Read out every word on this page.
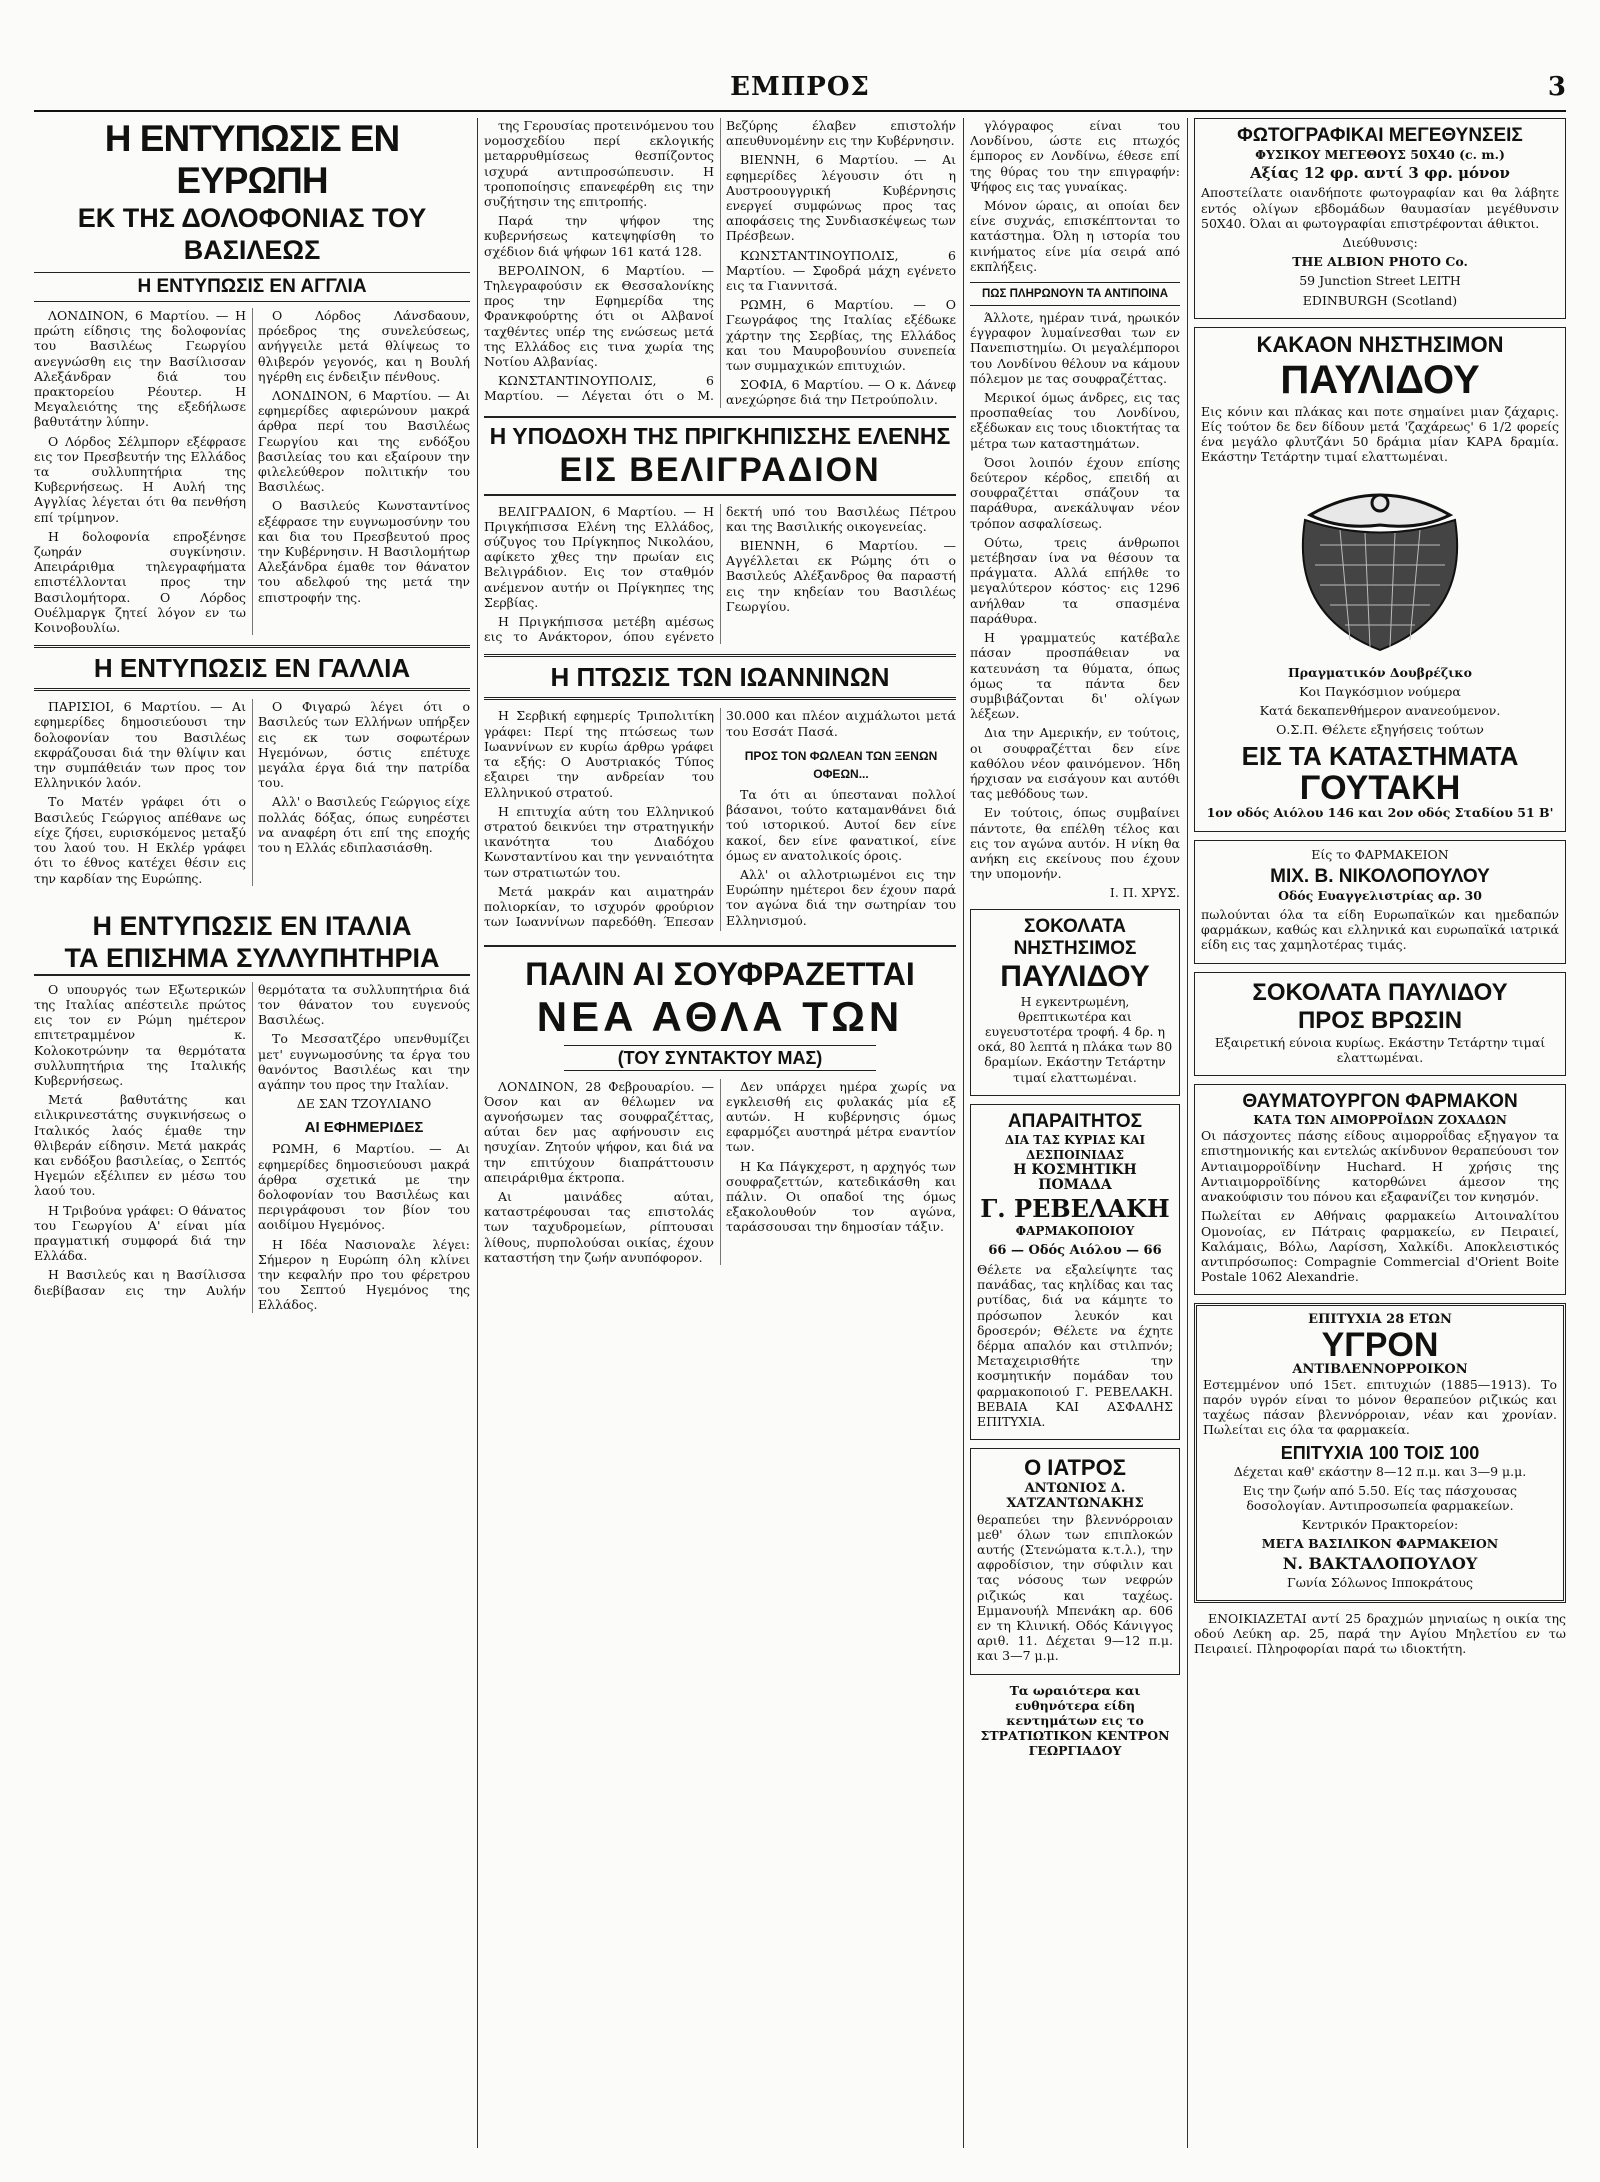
ΕΜΠΡΟΣ	3
Η ΕΝΤΥΠΩΣΙΣ ΕΝ ΕΥΡΩΠΗ
ΕΚ ΤΗΣ ΔΟΛΟΦΟΝΙΑΣ ΤΟΥ ΒΑΣΙΛΕΩΣ
Η ΕΝΤΥΠΩΣΙΣ ΕΝ ΑΓΓΛΙΑ

ΛΟΝΔΙΝΟΝ, 6 Μαρτίου. — Η πρώτη είδησις της δολοφονίας του Βασιλέως Γεωργίου ανεγνώσθη εις την Βασίλισσαν Αλεξάνδραν διά του πρακτορείου Ρέουτερ. Η Μεγαλειότης της εξεδήλωσε βαθυτάτην λύπην.

Ο Λόρδος Σέλμπορν εξέφρασε εις τον Πρεσβευτήν της Ελλάδος τα συλλυπητήρια της Κυβερνήσεως. Η Αυλή της Αγγλίας λέγεται ότι θα πενθήση επί τρίμηνον.

Η δολοφονία επροξένησε ζωηράν συγκίνησιν. Απειράριθμα τηλεγραφήματα επιστέλλονται προς την Βασιλομήτορα. Ο Λόρδος Ουέλμαργκ ζητεί λόγον εν τω Κοινοβουλίω.

Ο Λόρδος Λάνσδαουν, πρόεδρος της συνελεύσεως, ανήγγειλε μετά θλίψεως το θλιβερόν γεγονός, και η Βουλή ηγέρθη εις ένδειξιν πένθους.

ΛΟΝΔΙΝΟΝ, 6 Μαρτίου. — Αι εφημερίδες αφιερώνουν μακρά άρθρα περί του Βασιλέως Γεωργίου και της ενδόξου βασιλείας του και εξαίρουν την φιλελεύθερον πολιτικήν του Βασιλέως.

Ο Βασιλεύς Κωνσταντίνος εξέφρασε την ευγνωμοσύνην του και δια του Πρεσβευτού προς την Κυβέρνησιν. Η Βασιλομήτωρ Αλεξάνδρα έμαθε τον θάνατον του αδελφού της μετά την επιστροφήν της.

Η ΕΝΤΥΠΩΣΙΣ ΕΝ ΓΑΛΛΙΑ

ΠΑΡΙΣΙΟΙ, 6 Μαρτίου. — Αι εφημερίδες δημοσιεύουσι την δολοφονίαν του Βασιλέως εκφράζουσαι διά την θλίψιν και την συμπάθειάν των προς τον Ελληνικόν λαόν.

Το Ματέν γράφει ότι ο Βασιλεύς Γεώργιος απέθανε ως είχε ζήσει, ευρισκόμενος μεταξύ του λαού του. Η Εκλέρ γράφει ότι το έθνος κατέχει θέσιν εις την καρδίαν της Ευρώπης.

Ο Φιγαρώ λέγει ότι ο Βασιλεύς των Ελλήνων υπήρξεν εις εκ των σοφωτέρων Ηγεμόνων, όστις επέτυχε μεγάλα έργα διά την πατρίδα του.

Αλλ' ο Βασιλεύς Γεώργιος είχε πολλάς δόξας, όπως ευηρέστει να αναφέρη ότι επί της εποχής του η Ελλάς εδιπλασιάσθη.

Η ΕΝΤΥΠΩΣΙΣ ΕΝ ΙΤΑΛΙΑ
ΤΑ ΕΠΙΣΗΜΑ ΣΥΛΛΥΠΗΤΗΡΙΑ

Ο υπουργός των Εξωτερικών της Ιταλίας απέστειλε πρώτος εις τον εν Ρώμη ημέτερον επιτετραμμένον κ. Κολοκοτρώνην τα θερμότατα συλλυπητήρια της Ιταλικής Κυβερνήσεως.

Μετά βαθυτάτης και ειλικρινεστάτης συγκινήσεως ο Ιταλικός λαός έμαθε την θλιβεράν είδησιν. Μετά μακράς και ενδόξου βασιλείας, ο Σεπτός Ηγεμών εξέλιπεν εν μέσω του λαού του.

Η Τριβούνα γράφει: Ο θάνατος του Γεωργίου Α' είναι μία πραγματική συμφορά διά την Ελλάδα.

Η Βασιλεύς και η Βασίλισσα διεβίβασαν εις την Αυλήν θερμότατα τα συλλυπητήρια διά τον θάνατον του ευγενούς Βασιλέως.

Το Μεσσατζέρο υπενθυμίζει μετ' ευγνωμοσύνης τα έργα του θανόντος Βασιλέως και την αγάπην του προς την Ιταλίαν.

ΔΕ ΣΑΝ ΤΖΟΥΛΙΑΝΟ

ΑΙ ΕΦΗΜΕΡΙΔΕΣ

ΡΩΜΗ, 6 Μαρτίου. — Αι εφημερίδες δημοσιεύουσι μακρά άρθρα σχετικά με την δολοφονίαν του Βασιλέως και περιγράφουσι τον βίον του αοιδίμου Ηγεμόνος.

Η Ιδέα Νασιοναλε λέγει: Σήμερον η Ευρώπη όλη κλίνει την κεφαλήν προ του φέρετρου του Σεπτού Ηγεμόνος της Ελλάδος.

της Γερουσίας προτεινόμενου του νομοσχεδίου περί εκλογικής μεταρρυθμίσεως θεσπίζοντος ισχυρά αντιπροσώπευσιν. Η τροποποίησις επανεφέρθη εις την συζήτησιν της επιτροπής.

Παρά την ψήφον της κυβερνήσεως κατεψηφίσθη το σχέδιον διά ψήφων 161 κατά 128.

ΒΕΡΟΛΙΝΟΝ, 6 Μαρτίου. — Τηλεγραφούσιν εκ Θεσσαλονίκης προς την Εφημερίδα της Φρανκφούρτης ότι οι Αλβανοί ταχθέντες υπέρ της ενώσεως μετά της Ελλάδος εις τινα χωρία της Νοτίου Αλβανίας.

ΚΩΝΣΤΑΝΤΙΝΟΥΠΟΛΙΣ, 6 Μαρτίου. — Λέγεται ότι ο Μ. Βεζύρης έλαβεν επιστολήν απευθυνομένην εις την Κυβέρνησιν.

ΒΙΕΝΝΗ, 6 Μαρτίου. — Αι εφημερίδες λέγουσιν ότι η Αυστροουγγρική Κυβέρνησις ενεργεί συμφώνως προς τας αποφάσεις της Συνδιασκέψεως των Πρέσβεων.

ΚΩΝΣΤΑΝΤΙΝΟΥΠΟΛΙΣ, 6 Μαρτίου. — Σφοδρά μάχη εγένετο εις τα Γιαννιτσά.

ΡΩΜΗ, 6 Μαρτίου. — Ο Γεωγράφος της Ιταλίας εξέδωκε χάρτην της Σερβίας, της Ελλάδος και του Μαυροβουνίου συνεπεία των συμμαχικών επιτυχιών.

ΣΟΦΙΑ, 6 Μαρτίου. — Ο κ. Δάνεφ ανεχώρησε διά την Πετρούπολιν.

Η ΥΠΟΔΟΧΗ ΤΗΣ ΠΡΙΓΚΗΠΙΣΣΗΣ ΕΛΕΝΗΣ
ΕΙΣ ΒΕΛΙΓΡΑΔΙΟΝ

ΒΕΛΙΓΡΑΔΙΟΝ, 6 Μαρτίου. — Η Πριγκήπισσα Ελένη της Ελλάδος, σύζυγος του Πρίγκηπος Νικολάου, αφίκετο χθες την πρωίαν εις Βελιγράδιον. Εις τον σταθμόν ανέμενον αυτήν οι Πρίγκηπες της Σερβίας.

Η Πριγκήπισσα μετέβη αμέσως εις το Ανάκτορον, όπου εγένετο δεκτή υπό του Βασιλέως Πέτρου και της Βασιλικής οικογενείας.

ΒΙΕΝΝΗ, 6 Μαρτίου. — Αγγέλλεται εκ Ρώμης ότι ο Βασιλεύς Αλέξανδρος θα παραστή εις την κηδείαν του Βασιλέως Γεωργίου.

Η ΠΤΩΣΙΣ ΤΩΝ ΙΩΑΝΝΙΝΩΝ

Η Σερβική εφημερίς Τριπολιτίκη γράφει: Περί της πτώσεως των Ιωαννίνων εν κυρίω άρθρω γράφει τα εξής: Ο Αυστριακός Τύπος εξαιρει την ανδρείαν του Ελληνικού στρατού.

Η επιτυχία αύτη του Ελληνικού στρατού δεικνύει την στρατηγικήν ικανότητα του Διαδόχου Κωνσταντίνου και την γενναιότητα των στρατιωτών του.

Μετά μακράν και αιματηράν πολιορκίαν, το ισχυρόν φρούριον των Ιωαννίνων παρεδόθη. Έπεσαν 30.000 και πλέον αιχμάλωτοι μετά του Εσσάτ Πασά.

ΠΡΟΣ ΤΟΝ ΦΩΛΕΑΝ ΤΩΝ ΞΕΝΩΝ ΟΦΕΩΝ...

Τα ότι αι ύπεσταναι πολλοί βάσανοι, τούτο καταμανθάνει διά τού ιστορικού. Αυτοί δεν είνε κακοί, δεν είνε φανατικοί, είνε όμως εν ανατολικοίς όροις.

Αλλ' οι αλλοτριωμένοι εις την Ευρώπην ημέτεροι δεν έχουν παρά τον αγώνα διά την σωτηρίαν του Ελληνισμού.

ΠΑΛΙΝ ΑΙ ΣΟΥΦΡΑΖΕΤΤΑΙ
ΝΕΑ ΑΘΛΑ ΤΩΝ
(ΤΟΥ ΣΥΝΤΑΚΤΟΥ ΜΑΣ)

ΛΟΝΔΙΝΟΝ, 28 Φεβρουαρίου. — Όσον και αν θέλωμεν να αγνοήσωμεν τας σουφραζέττας, αύται δεν μας αφήνουσιν εις ησυχίαν. Ζητούν ψήφον, και διά να την επιτύχουν διαπράττουσιν απειράριθμα έκτροπα.

Αι μαινάδες αύται, καταστρέφουσαι τας επιστολάς των ταχυδρομείων, ρίπτουσαι λίθους, πυρπολούσαι οικίας, έχουν καταστήση την ζωήν ανυπόφορον.

Δεν υπάρχει ημέρα χωρίς να εγκλεισθή εις φυλακάς μία εξ αυτών. Η κυβέρνησις όμως εφαρμόζει αυστηρά μέτρα εναντίον των.

Η Κα Πάγκχερστ, η αρχηγός των σουφραζεττών, κατεδικάσθη και πάλιν. Οι οπαδοί της όμως εξακολουθούν τον αγώνα, ταράσσουσαι την δημοσίαν τάξιν.

γλόγραφος είναι του Λονδίνου, ώστε εις πτωχός έμπορος εν Λονδίνω, έθεσε επί της θύρας του την επιγραφήν: Ψήφος εις τας γυναίκας.

Μόνον ώραις, αι οποίαι δεν είνε συχνάς, επισκέπτονται το κατάστημα. Όλη η ιστορία του κινήματος είνε μία σειρά από εκπλήξεις.

ΠΩΣ ΠΛΗΡΩΝΟΥΝ ΤΑ ΑΝΤΙΠΟΙΝΑ

Άλλοτε, ημέραν τινά, ηρωικόν έγγραφον λυμαίνεσθαι των εν Πανεπιστημίω. Οι μεγαλέμποροι του Λονδίνου θέλουν να κάμουν πόλεμον με τας σουφραζέττας.

Μερικοί όμως άνδρες, εις τας προσπαθείας του Λονδίνου, εξέδωκαν εις τους ιδιοκτήτας τα μέτρα των καταστημάτων.

Όσοι λοιπόν έχουν επίσης δεύτερον κέρδος, επειδή αι σουφραζέτται σπάζουν τα παράθυρα, ανεκάλυψαν νέον τρόπον ασφαλίσεως.

Ούτω, τρεις άνθρωποι μετέβησαν ίνα να θέσουν τα πράγματα. Αλλά επήλθε το μεγαλύτερον κόστος· εις 1296 ανήλθαν τα σπασμένα παράθυρα.

Η γραμματεύς κατέβαλε πάσαν προσπάθειαν να κατευνάση τα θύματα, όπως όμως τα πάντα δεν συμβιβάζονται δι' ολίγων λέξεων.

Δια την Αμερικήν, εν τούτοις, οι σουφραζέτται δεν είνε καθόλου νέον φαινόμενον. Ήδη ήρχισαν να εισάγουν και αυτόθι τας μεθόδους των.

Εν τούτοις, όπως συμβαίνει πάντοτε, θα επέλθη τέλος και εις τον αγώνα αυτόν. Η νίκη θα ανήκη εις εκείνους που έχουν την υπομονήν.

Ι. Π. ΧΡΥΣ.

ΣΟΚΟΛΑΤΑ ΝΗΣΤΗΣΙΜΟΣ
ΠΑΥΛΙΔΟΥ

Η εγκεντρωμένη, θρεπτικωτέρα και ευγευστοτέρα τροφή. 4 δρ. η οκά, 80 λεπτά η πλάκα των 80 δραμίων. Εκάστην Τετάρτην τιμαί ελαττωμέναι.

ΑΠΑΡΑΙΤΗΤΟΣ
ΔΙΑ ΤΑΣ ΚΥΡΙΑΣ ΚΑΙ ΔΕΣΠΟΙΝΙΔΑΣ
Η ΚΟΣΜΗΤΙΚΗ ΠΟΜΑΔΑ
Γ. ΡΕΒΕΛΑΚΗ
ΦΑΡΜΑΚΟΠΟΙΟΥ
66 — Οδός Αιόλου — 66

Θέλετε να εξαλείψητε τας πανάδας, τας κηλίδας και τας ρυτίδας, διά να κάμητε το πρόσωπον λευκόν και δροσερόν; Θέλετε να έχητε δέρμα απαλόν και στιλπνόν; Μεταχειρισθήτε την κοσμητικήν πομάδαν του φαρμακοποιού Γ. ΡΕΒΕΛΑΚΗ. ΒΕΒΑΙΑ ΚΑΙ ΑΣΦΑΛΗΣ ΕΠΙΤΥΧΙΑ.

Ο ΙΑΤΡΟΣ
ΑΝΤΩΝΙΟΣ Δ. ΧΑΤΖΑΝΤΩΝΑΚΗΣ

θεραπεύει την βλεννόρροιαν μεθ' όλων των επιπλοκών αυτής (Στενώματα κ.τ.λ.), την αφροδίσιον, την σύφιλιν και τας νόσους των νεφρών ριζικώς και ταχέως. Εμμανουήλ Μπενάκη αρ. 606 εν τη Κλινική. Οδός Κάνιγγος αριθ. 11. Δέχεται 9—12 π.μ. και 3—7 μ.μ.

Τα ωραιότερα και ευθηνότερα είδη κεντημάτων εις το ΣΤΡΑΤΙΩΤΙΚΟΝ ΚΕΝΤΡΟΝ ΓΕΩΡΓΙΑΔΟΥ

ΦΩΤΟΓΡΑΦΙΚΑΙ ΜΕΓΕΘΥΝΣΕΙΣ

ΦΥΣΙΚΟΥ ΜΕΓΕΘΟΥΣ 50Χ40 (c. m.)

Αξίας 12 φρ. αντί 3 φρ. μόνον

Αποστείλατε οιανδήποτε φωτογραφίαν και θα λάβητε εντός ολίγων εβδομάδων θαυμασίαν μεγέθυνσιν 50Χ40. Όλαι αι φωτογραφίαι επιστρέφονται άθικτοι.

Διεύθυνσις:

THE ALBION PHOTO Co.

59 Junction Street LEITH

EDINBURGH (Scotland)

ΚΑΚΑΟΝ ΝΗΣΤΗΣΙΜΟΝ
ΠΑΥΛΙΔΟΥ

Εις κόνιν και πλάκας και ποτε σημαίνει μιαν ζάχαρις. Είς τούτον δε δεν δίδουν μετά 'ζαχάρεως' 6 1/2 φορείς ένα μεγάλο φλυτζάνι 50 δράμια μίαν ΚΑΡΑ δραμία. Εκάστην Τετάρτην τιμαί ελαττωμέναι.

Πραγματικόν Δουβρέζικο

Κοι Παγκόσμιον νούμερα

Κατά δεκαπενθήμερον ανανεούμενον.

Ο.Σ.Π. Θέλετε εξηγήσεις τούτων

ΕΙΣ ΤΑ ΚΑΤΑΣΤΗΜΑΤΑ
ΓΟΥΤΑΚΗ

1ον οδός Αιόλου 146 και 2ον οδός Σταδίου 51 Β'

Είς το ΦΑΡΜΑΚΕΙΟΝ

ΜΙΧ. Β. ΝΙΚΟΛΟΠΟΥΛΟΥ

Οδός Ευαγγελιστρίας αρ. 30

πωλούνται όλα τα είδη Ευρωπαϊκών και ημεδαπών φαρμάκων, καθώς και ελληνικά και ευρωπαϊκά ιατρικά είδη εις τας χαμηλοτέρας τιμάς.

ΣΟΚΟΛΑΤΑ ΠΑΥΛΙΔΟΥ
ΠΡΟΣ ΒΡΩΣΙΝ

Εξαιρετική εύνοια κυρίως. Εκάστην Τετάρτην τιμαί ελαττωμέναι.

ΘΑΥΜΑΤΟΥΡΓΟΝ ΦΑΡΜΑΚΟΝ
ΚΑΤΑ ΤΩΝ ΑΙΜΟΡΡΟΪΔΩΝ ΖΟΧΑΔΩΝ

Οι πάσχοντες πάσης είδους αιμορροΐδας εξηγαγον τα επιστημονικής και εντελώς ακίνδυνον θεραπεύουσι τον Αντιαιμορροϊδίνην Huchard. Η χρήσις της Αντιαιμορροϊδίνης κατορθώνει άμεσον της ανακούφισιν του πόνου και εξαφανίζει τον κνησμόν.

Πωλείται εν Αθήναις φαρμακείω Αιτοιναλίτου Ομονοίας, εν Πάτραις φαρμακείω, εν Πειραιεί, Καλάμαις, Βόλω, Λαρίσση, Χαλκίδι. Αποκλειστικός αντιπρόσωπος: Compagnie Commercial d'Orient Boite Postale 1062 Alexandrie.

ΕΠΙΤΥΧΙΑ 28 ΕΤΩΝ
ΥΓΡΟΝ
ΑΝΤΙΒΛΕΝΝΟΡΡΟΙΚΟΝ

Εστεμμένον υπό 15ετ. επιτυχιών (1885—1913). Το παρόν υγρόν είναι το μόνον θεραπεύον ριζικώς και ταχέως πάσαν βλεννόρροιαν, νέαν και χρονίαν. Πωλείται εις όλα τα φαρμακεία.

ΕΠΙΤΥΧΙΑ 100 ΤΟΙΣ 100

Δέχεται καθ' εκάστην 8—12 π.μ. και 3—9 μ.μ.

Εις την ζωήν από 5.50. Είς τας πάσχουσας δοσολογίαν. Αντιπροσωπεία φαρμακείων.

Κεντρικόν Πρακτορείον:

ΜΕΓΑ ΒΑΣΙΛΙΚΟΝ ΦΑΡΜΑΚΕΙΟΝ

Ν. ΒΑΚΤΑΛΟΠΟΥΛΟΥ

Γωνία Σόλωνος Ιπποκράτους

ΕΝΟΙΚΙΑΖΕΤΑΙ αντί 25 δραχμών μηνιαίως η οικία της οδού Λεύκη αρ. 25, παρά την Αγίου Μηλετίου εν τω Πειραιεί. Πληροφορίαι παρά τω ιδιοκτήτη.
